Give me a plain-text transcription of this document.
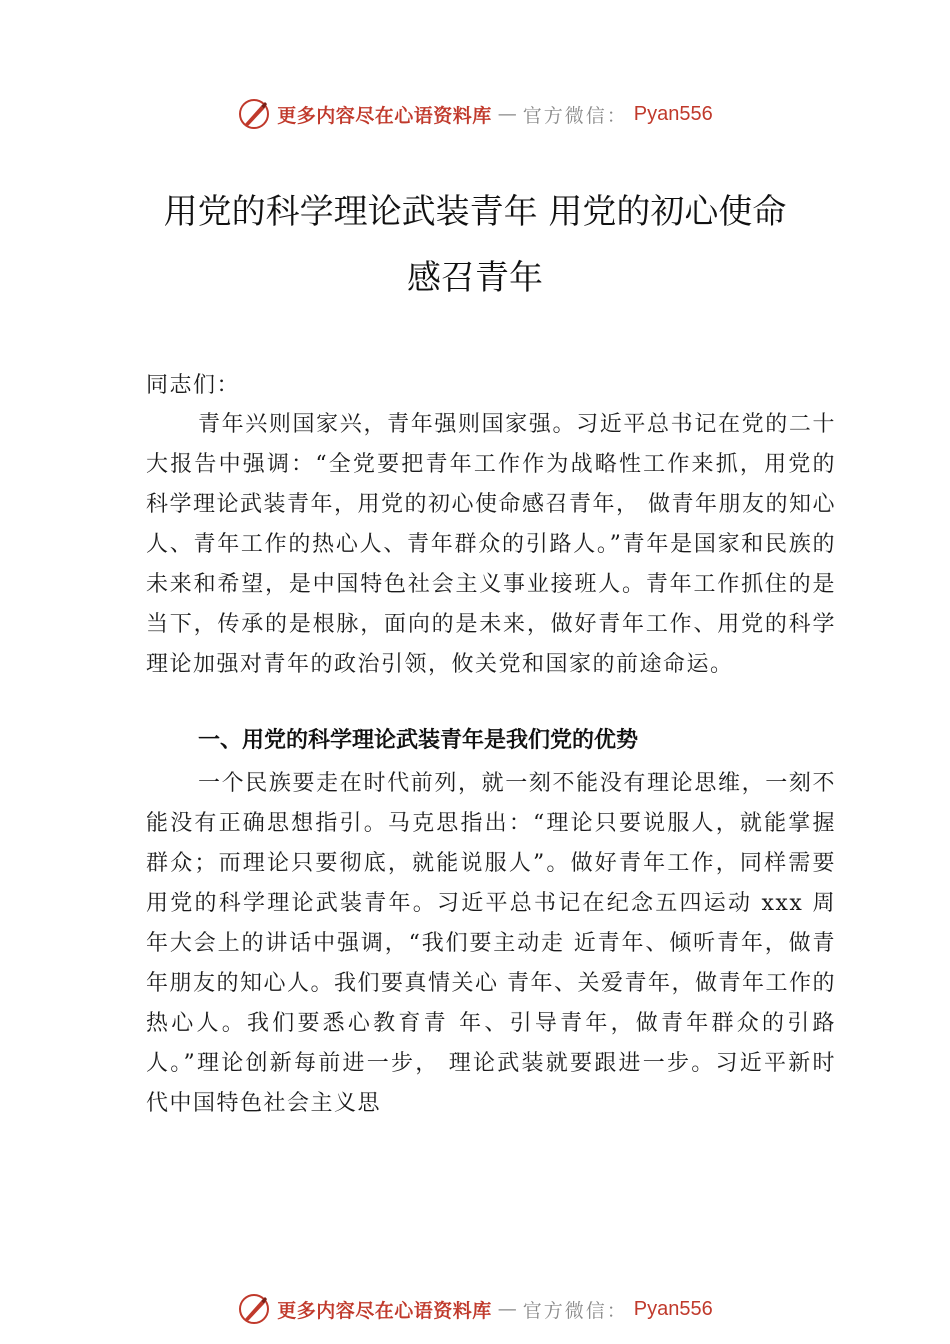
更多内容尽在心语资料库 — 官方微信： Pyan556
用党的科学理论武装青年 用党的初心使命
感召青年

同志们：

青年兴则国家兴，青年强则国家强。习近平总书记在党的二十大报告中强调：“全党要把青年工作作为战略性工作来抓，用党的科学理论武装青年，用党的初心使命感召青年， 做青年朋友的知心人、青年工作的热心人、青年群众的引路人。”青年是国家和民族的未来和希望，是中国特色社会主义事业接班人。青年工作抓住的是当下，传承的是根脉，面向的是未来，做好青年工作、用党的科学理论加强对青年的政治引领，攸关党和国家的前途命运。

一、用党的科学理论武装青年是我们党的优势

一个民族要走在时代前列，就一刻不能没有理论思维，一刻不能没有正确思想指引。马克思指出：“理论只要说服人，就能掌握群众；而理论只要彻底，就能说服人”。做好青年工作，同样需要用党的科学理论武装青年。习近平总书记在纪念五四运动 xxx 周年大会上的讲话中强调，“我们要主动走 近青年、倾听青年，做青年朋友的知心人。我们要真情关心 青年、关爱青年，做青年工作的热心人。我们要悉心教育青 年、引导青年，做青年群众的引路人。”理论创新每前进一步， 理论武装就要跟进一步。习近平新时代中国特色社会主义思

更多内容尽在心语资料库 — 官方微信： Pyan556
